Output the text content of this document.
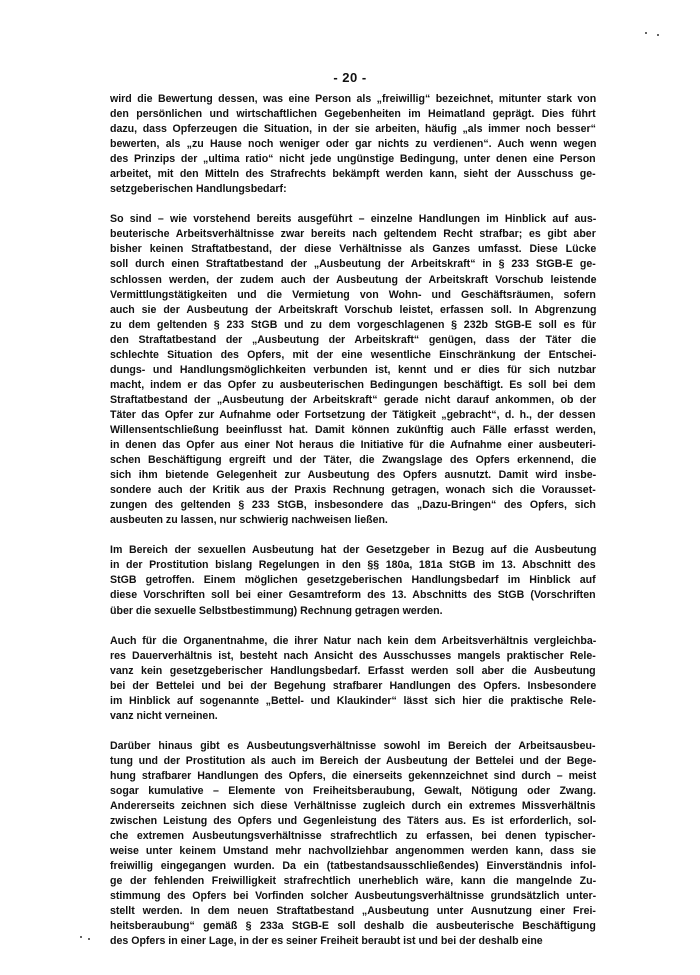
- 20 -
wird die Bewertung dessen, was eine Person als „freiwillig“ bezeichnet, mitunter stark von
den persönlichen und wirtschaftlichen Gegebenheiten im Heimatland geprägt. Dies führt
dazu, dass Opferzeugen die Situation, in der sie arbeiten, häufig „als immer noch besser“
bewerten, als „zu Hause noch weniger oder gar nichts zu verdienen“. Auch wenn wegen
des Prinzips der „ultima ratio“ nicht jede ungünstige Bedingung, unter denen eine Person
arbeitet, mit den Mitteln des Strafrechts bekämpft werden kann, sieht der Ausschuss ge-
setzgeberischen Handlungsbedarf:
So sind – wie vorstehend bereits ausgeführt – einzelne Handlungen im Hinblick auf aus-
beuterische Arbeitsverhältnisse zwar bereits nach geltendem Recht strafbar; es gibt aber
bisher keinen Straftatbestand, der diese Verhältnisse als Ganzes umfasst. Diese Lücke
soll durch einen Straftatbestand der „Ausbeutung der Arbeitskraft“ in § 233 StGB-E ge-
schlossen werden, der zudem auch der Ausbeutung der Arbeitskraft Vorschub leistende
Vermittlungstätigkeiten und die Vermietung von Wohn- und Geschäftsräumen, sofern
auch sie der Ausbeutung der Arbeitskraft Vorschub leistet, erfassen soll. In Abgrenzung
zu dem geltenden § 233 StGB und zu dem vorgeschlagenen § 232b StGB-E soll es für
den Straftatbestand der „Ausbeutung der Arbeitskraft“ genügen, dass der Täter die
schlechte Situation des Opfers, mit der eine wesentliche Einschränkung der Entschei-
dungs- und Handlungsmöglichkeiten verbunden ist, kennt und er dies für sich nutzbar
macht, indem er das Opfer zu ausbeuterischen Bedingungen beschäftigt. Es soll bei dem
Straftatbestand der „Ausbeutung der Arbeitskraft“ gerade nicht darauf ankommen, ob der
Täter das Opfer zur Aufnahme oder Fortsetzung der Tätigkeit „gebracht“, d. h., der dessen
Willensentschließung beeinflusst hat. Damit können zukünftig auch Fälle erfasst werden,
in denen das Opfer aus einer Not heraus die Initiative für die Aufnahme einer ausbeuteri-
schen Beschäftigung ergreift und der Täter, die Zwangslage des Opfers erkennend, die
sich ihm bietende Gelegenheit zur Ausbeutung des Opfers ausnutzt. Damit wird insbe-
sondere auch der Kritik aus der Praxis Rechnung getragen, wonach sich die Vorausset-
zungen des geltenden § 233 StGB, insbesondere das „Dazu-Bringen“ des Opfers, sich
ausbeuten zu lassen, nur schwierig nachweisen ließen.
Im Bereich der sexuellen Ausbeutung hat der Gesetzgeber in Bezug auf die Ausbeutung
in der Prostitution bislang Regelungen in den §§ 180a, 181a StGB im 13. Abschnitt des
StGB getroffen. Einem möglichen gesetzgeberischen Handlungsbedarf im Hinblick auf
diese Vorschriften soll bei einer Gesamtreform des 13. Abschnitts des StGB (Vorschriften
über die sexuelle Selbstbestimmung) Rechnung getragen werden.
Auch für die Organentnahme, die ihrer Natur nach kein dem Arbeitsverhältnis vergleichba-
res Dauerverhältnis ist, besteht nach Ansicht des Ausschusses mangels praktischer Rele-
vanz kein gesetzgeberischer Handlungsbedarf. Erfasst werden soll aber die Ausbeutung
bei der Bettelei und bei der Begehung strafbarer Handlungen des Opfers. Insbesondere
im Hinblick auf sogenannte „Bettel- und Klaukinder“ lässt sich hier die praktische Rele-
vanz nicht verneinen.
Darüber hinaus gibt es Ausbeutungsverhältnisse sowohl im Bereich der Arbeitsausbeu-
tung und der Prostitution als auch im Bereich der Ausbeutung der Bettelei und der Bege-
hung strafbarer Handlungen des Opfers, die einerseits gekennzeichnet sind durch – meist
sogar kumulative – Elemente von Freiheitsberaubung, Gewalt, Nötigung oder Zwang.
Andererseits zeichnen sich diese Verhältnisse zugleich durch ein extremes Missverhältnis
zwischen Leistung des Opfers und Gegenleistung des Täters aus. Es ist erforderlich, sol-
che extremen Ausbeutungsverhältnisse strafrechtlich zu erfassen, bei denen typischer-
weise unter keinem Umstand mehr nachvollziehbar angenommen werden kann, dass sie
freiwillig eingegangen wurden. Da ein (tatbestandsausschließendes) Einverständnis infol-
ge der fehlenden Freiwilligkeit strafrechtlich unerheblich wäre, kann die mangelnde Zu-
stimmung des Opfers bei Vorfinden solcher Ausbeutungsverhältnisse grundsätzlich unter-
stellt werden. In dem neuen Straftatbestand „Ausbeutung unter Ausnutzung einer Frei-
heitsberaubung“ gemäß § 233a StGB-E soll deshalb die ausbeuterische Beschäftigung
des Opfers in einer Lage, in der es seiner Freiheit beraubt ist und bei der deshalb eine
